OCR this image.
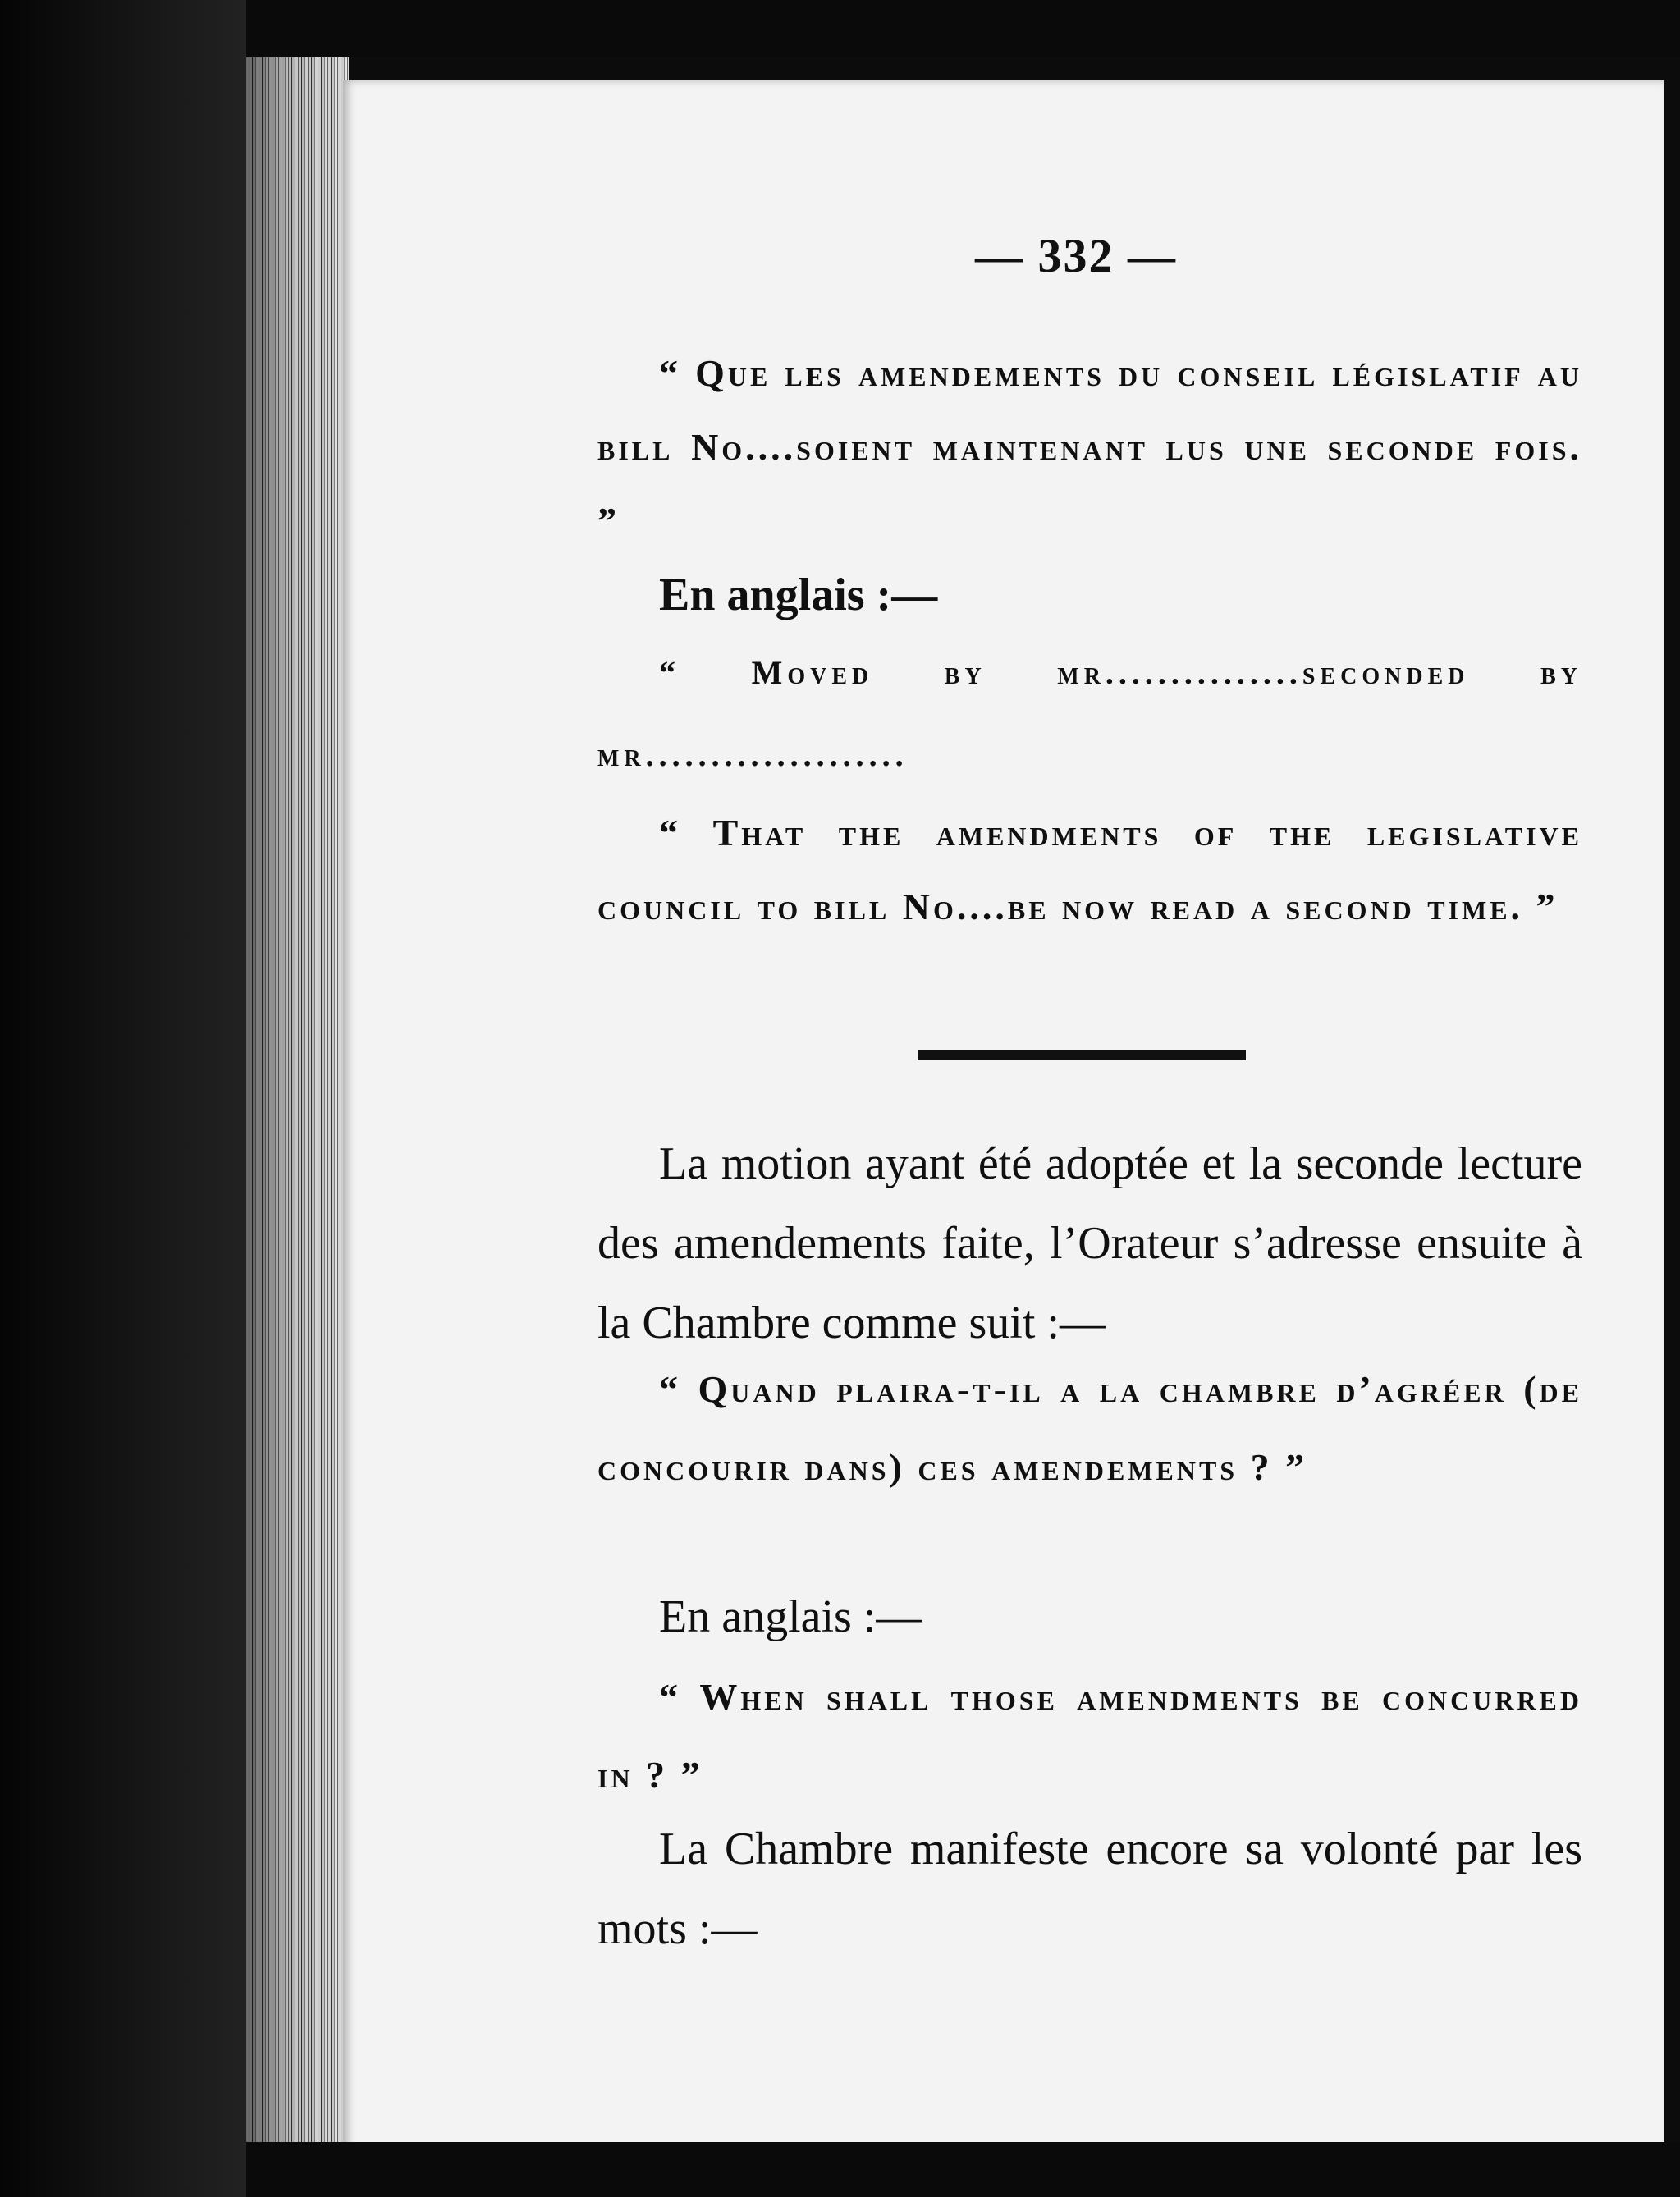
— 332 —
“ Que les amendements du conseil législatif au bill No....soient maintenant lus une seconde fois. ”
En anglais :—
“ Moved by mr...............seconded by mr....................
“ That the amendments of the legislative council to bill No....be now read a second time. ”
La motion ayant été adoptée et la seconde lecture des amendements faite, l’Orateur s’adresse ensuite à la Chambre comme suit :—
“ Quand plaira-t-il a la chambre d’agréer (de concourir dans) ces amendements ? ”
En anglais :—
“ When shall those amendments be concurred in ? ”
La Chambre manifeste encore sa volonté par les mots :—
